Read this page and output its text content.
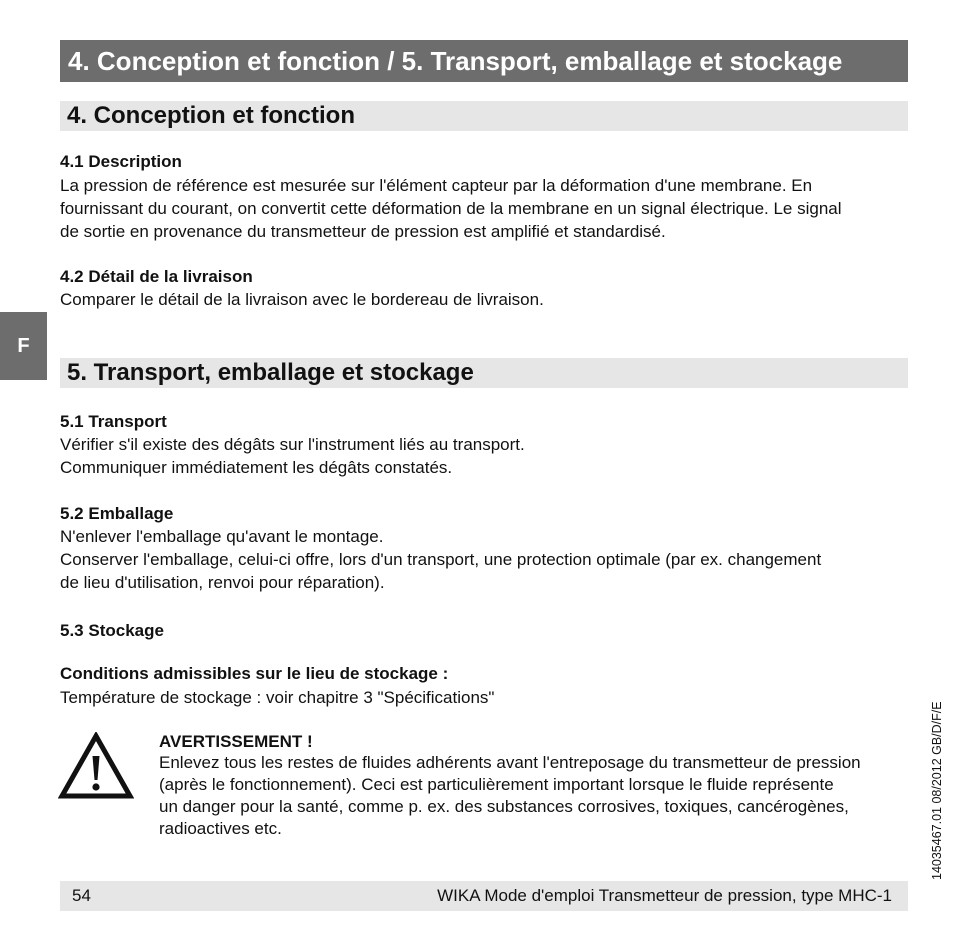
4. Conception et fonction / 5. Transport, emballage et stockage
F
4. Conception et fonction
4.1 Description
La pression de référence est mesurée sur l'élément capteur par la déformation d'une membrane. En
fournissant du courant, on convertit cette déformation de la membrane en un signal électrique. Le signal
de sortie en provenance du transmetteur de pression est amplifié et standardisé.
4.2 Détail de la livraison
Comparer le détail de la livraison avec le bordereau de livraison.
5. Transport, emballage et stockage
5.1 Transport
Vérifier s'il existe des dégâts sur l'instrument liés au transport.
Communiquer immédiatement les dégâts constatés.
5.2 Emballage
N'enlever l'emballage qu'avant le montage.
Conserver l'emballage, celui-ci offre, lors d'un transport, une protection optimale (par ex. changement
de lieu d'utilisation, renvoi pour réparation).
5.3 Stockage
Conditions admissibles sur le lieu de stockage :
Température de stockage : voir chapitre 3 "Spécifications"
AVERTISSEMENT !
Enlevez tous les restes de fluides adhérents avant l'entreposage du transmetteur de pression
(après le fonctionnement). Ceci est particulièrement important lorsque le fluide représente
un danger pour la santé, comme p. ex. des substances corrosives, toxiques, cancérogènes,
radioactives etc.
54	WIKA Mode d'emploi Transmetteur de pression, type MHC-1
14035467.01 08/2012 GB/D/F/E
